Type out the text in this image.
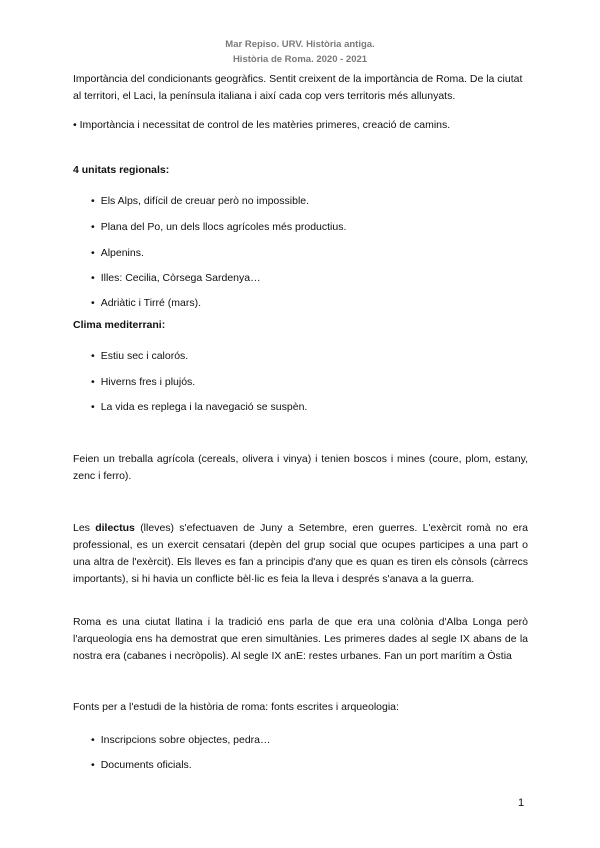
Mar Repiso. URV. Història antiga.
Història de Roma. 2020 - 2021
Importància del condicionants geogràfics. Sentit creixent de la importància de Roma. De la ciutat al territori, el Laci, la península italiana i així cada cop vers territoris més allunyats.
• Importància i necessitat de control de les matèries primeres, creació de camins.
4 unitats regionals:
• Els Alps, difícil de creuar però no impossible.
• Plana del Po, un dels llocs agrícoles més productius.
• Alpenins.
• Illes: Cecilia, Còrsega Sardenya…
• Adriàtic i Tirré (mars).
Clima mediterrani:
• Estiu sec i calorós.
• Hiverns fres i plujós.
• La vida es replega i la navegació se suspèn.
Feien un treballa agrícola (cereals, olivera i vinya) i tenien boscos i mines (coure, plom, estany, zenc i ferro).
Les dilectus (lleves) s'efectuaven de Juny a Setembre, eren guerres. L'exèrcit romà no era professional, es un exercit censatari (depèn del grup social que ocupes participes a una part o una altra de l'exèrcit). Els lleves es fan a principis d'any que es quan es tiren els cònsols (càrrecs importants), si hi havia un conflicte bèl·lic es feia la lleva i després s'anava a la guerra.
Roma es una ciutat llatina i la tradició ens parla de que era una colònia d'Alba Longa però l'arqueologia ens ha demostrat que eren simultànies. Les primeres dades al segle IX abans de la nostra era (cabanes i necròpolis). Al segle IX anE: restes urbanes. Fan un port marítim a Òstia
Fonts per a l'estudi de la història de roma: fonts escrites i arqueologia:
• Inscripcions sobre objectes, pedra…
• Documents oficials.
1
